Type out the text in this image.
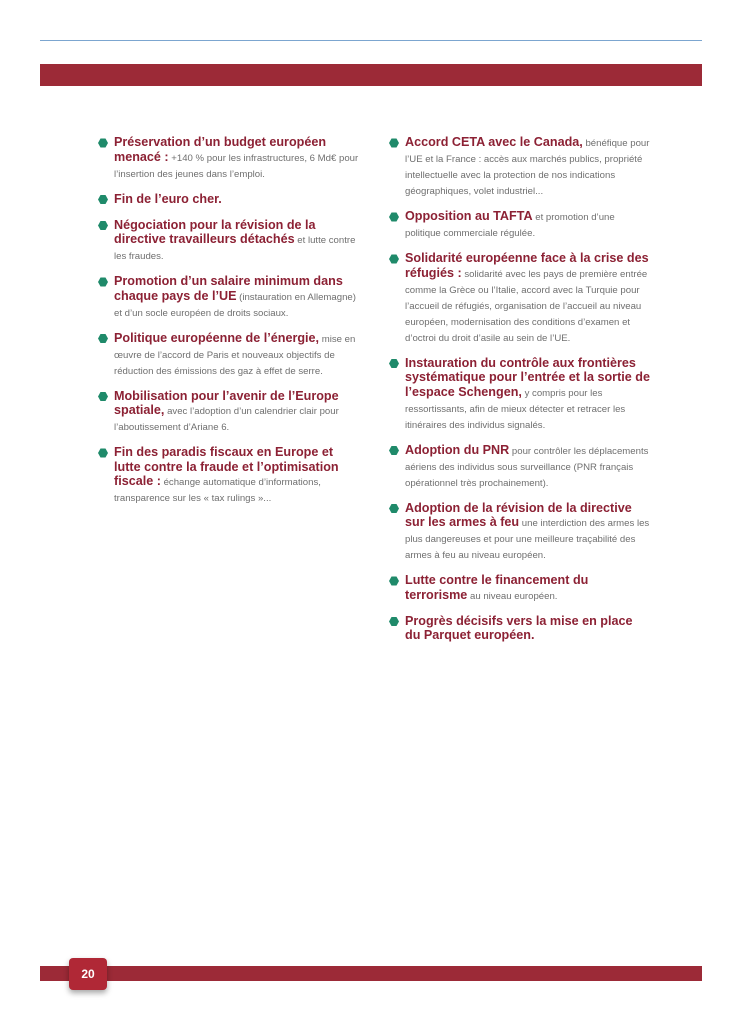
Préservation d’un budget européen menacé : +140 % pour les infrastructures, 6 Md€ pour l’insertion des jeunes dans l’emploi.

Fin de l’euro cher.

Négociation pour la révision de la directive travailleurs détachés et lutte contre les fraudes.

Promotion d’un salaire minimum dans chaque pays de l’UE (instauration en Allemagne) et d’un socle européen de droits sociaux.

Politique européenne de l’énergie, mise en œuvre de l’accord de Paris et nouveaux objectifs de réduction des émissions des gaz à effet de serre.

Mobilisation pour l’avenir de l’Europe spatiale, avec l’adoption d’un calendrier clair pour l’aboutissement d’Ariane 6.

Fin des paradis fiscaux en Europe et lutte contre la fraude et l’optimisation fiscale : échange automatique d’informations, transparence sur les « tax rulings »...

Accord CETA avec le Canada, bénéfique pour l’UE et la France : accès aux marchés publics, propriété intellectuelle avec la protection de nos indications géographiques, volet industriel...

Opposition au TAFTA et promotion d’une politique commerciale régulée.

Solidarité européenne face à la crise des réfugiés : solidarité avec les pays de première entrée comme la Grèce ou l’Italie, accord avec la Turquie pour l’accueil de réfugiés, organisation de l’accueil au niveau européen, modernisation des conditions d’examen et d’octroi du droit d’asile au sein de l’UE.

Instauration du contrôle aux frontières systématique pour l’entrée et la sortie de l’espace Schengen, y compris pour les ressortissants, afin de mieux détecter et retracer les itinéraires des individus signalés.

Adoption du PNR pour contrôler les déplacements aériens des individus sous surveillance (PNR français opérationnel très prochainement).

Adoption de la révision de la directive sur les armes à feu une interdiction des armes les plus dangereuses et pour une meilleure traçabilité des armes à feu au niveau européen.

Lutte contre le financement du terrorisme au niveau européen.

Progrès décisifs vers la mise en place du Parquet européen.

20
